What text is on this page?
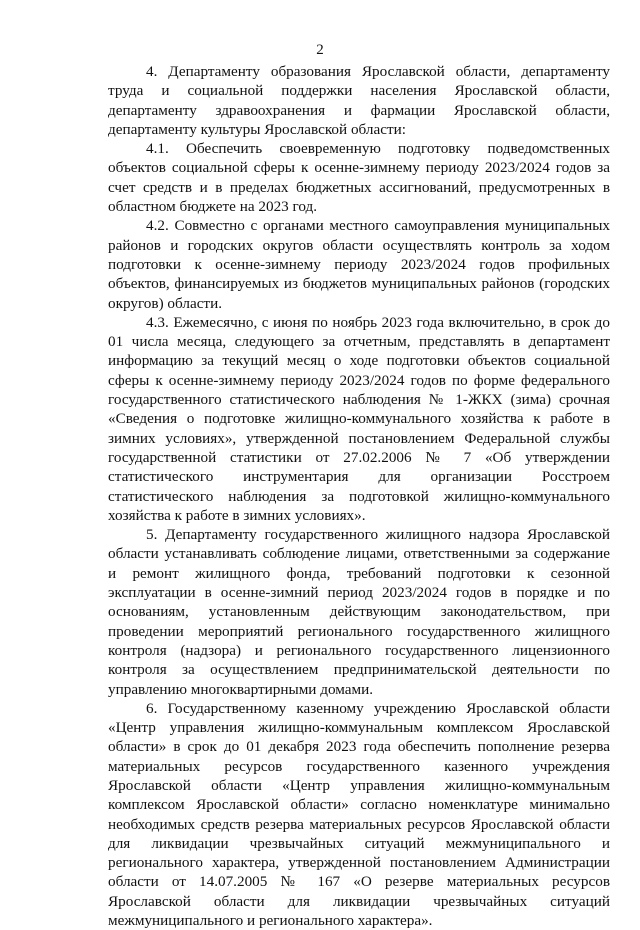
2

4. Департаменту образования Ярославской области, департаменту труда и социальной поддержки населения Ярославской области, департаменту здравоохранения и фармации Ярославской области, департаменту культуры Ярославской области:

4.1. Обеспечить своевременную подготовку подведомственных объектов социальной сферы к осенне-зимнему периоду 2023/2024 годов за счет средств и в пределах бюджетных ассигнований, предусмотренных в областном бюджете на 2023 год.

4.2. Совместно с органами местного самоуправления муниципальных районов и городских округов области осуществлять контроль за ходом подготовки к осенне-зимнему периоду 2023/2024 годов профильных объектов, финансируемых из бюджетов муниципальных районов (городских округов) области.

4.3. Ежемесячно, с июня по ноябрь 2023 года включительно, в срок до 01 числа месяца, следующего за отчетным, представлять в департамент информацию за текущий месяц о ходе подготовки объектов социальной сферы к осенне-зимнему периоду 2023/2024 годов по форме федерального государственного статистического наблюдения № 1-ЖКХ (зима) срочная «Сведения о подготовке жилищно-коммунального хозяйства к работе в зимних условиях», утвержденной постановлением Федеральной службы государственной статистики от 27.02.2006 № 7 «Об утверждении статистического инструментария для организации Росстроем статистического наблюдения за подготовкой жилищно-коммунального хозяйства к работе в зимних условиях».

5. Департаменту государственного жилищного надзора Ярославской области устанавливать соблюдение лицами, ответственными за содержание и ремонт жилищного фонда, требований подготовки к сезонной эксплуатации в осенне-зимний период 2023/2024 годов в порядке и по основаниям, установленным действующим законодательством, при проведении мероприятий регионального государственного жилищного контроля (надзора) и регионального государственного лицензионного контроля за осуществлением предпринимательской деятельности по управлению многоквартирными домами.

6. Государственному казенному учреждению Ярославской области «Центр управления жилищно-коммунальным комплексом Ярославской области» в срок до 01 декабря 2023 года обеспечить пополнение резерва материальных ресурсов государственного казенного учреждения Ярославской области «Центр управления жилищно-коммунальным комплексом Ярославской области» согласно номенклатуре минимально необходимых средств резерва материальных ресурсов Ярославской области для ликвидации чрезвычайных ситуаций межмуниципального и регионального характера, утвержденной постановлением Администрации области от 14.07.2005 № 167 «О резерве материальных ресурсов Ярославской области для ликвидации чрезвычайных ситуаций межмуниципального и регионального характера».
